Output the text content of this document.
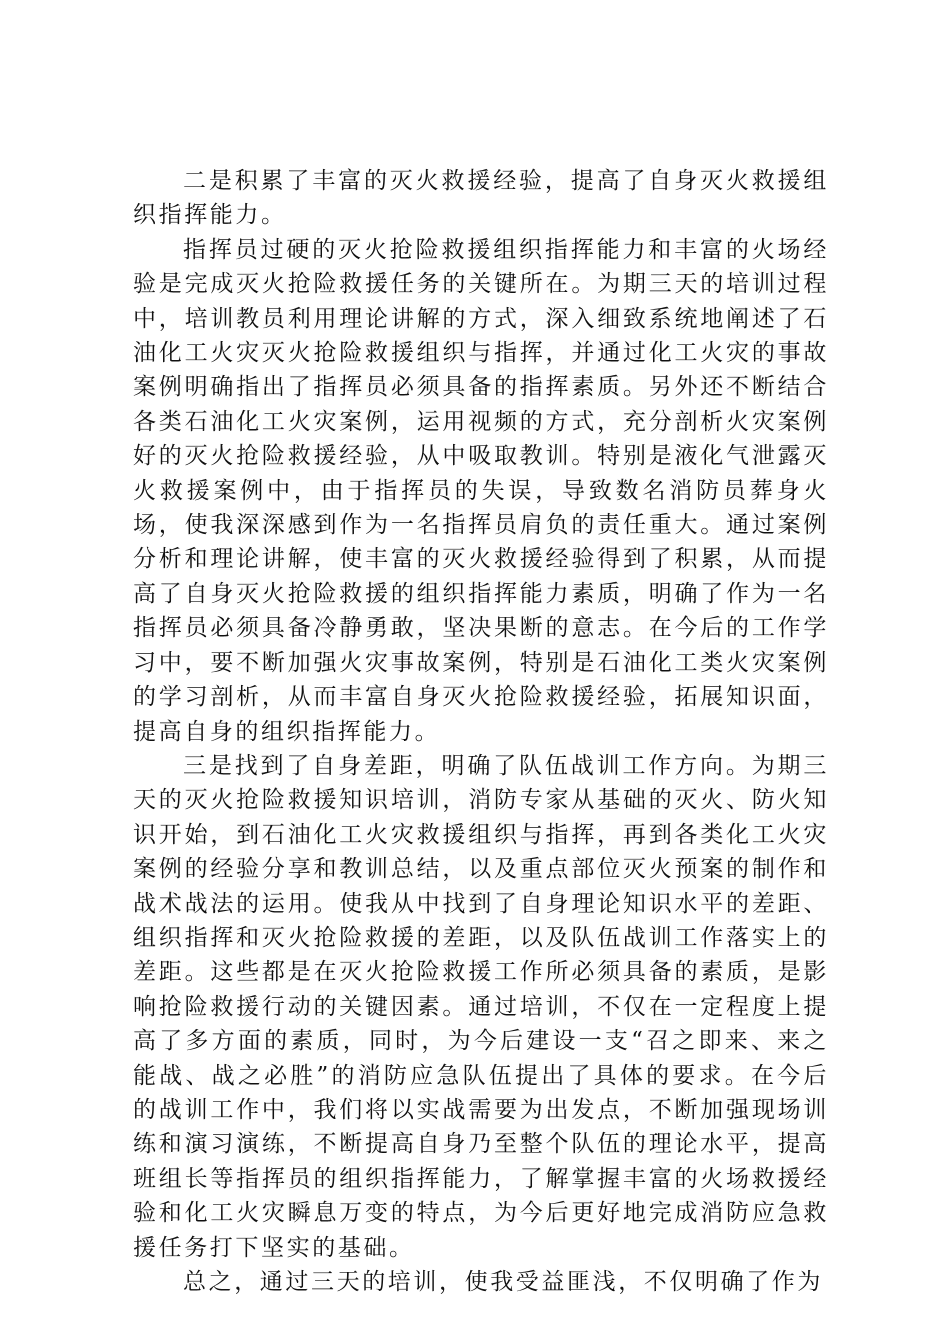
二是积累了丰富的灭火救援经验，提高了自身灭火救援组织指挥能力。

指挥员过硬的灭火抢险救援组织指挥能力和丰富的火场经验是完成灭火抢险救援任务的关键所在。为期三天的培训过程中，培训教员利用理论讲解的方式，深入细致系统地阐述了石油化工火灾灭火抢险救援组织与指挥，并通过化工火灾的事故案例明确指出了指挥员必须具备的指挥素质。另外还不断结合各类石油化工火灾案例，运用视频的方式，充分剖析火灾案例好的灭火抢险救援经验，从中吸取教训。特别是液化气泄露灭火救援案例中，由于指挥员的失误，导致数名消防员葬身火场，使我深深感到作为一名指挥员肩负的责任重大。通过案例分析和理论讲解，使丰富的灭火救援经验得到了积累，从而提高了自身灭火抢险救援的组织指挥能力素质，明确了作为一名指挥员必须具备冷静勇敢，坚决果断的意志。在今后的工作学习中，要不断加强火灾事故案例，特别是石油化工类火灾案例的学习剖析，从而丰富自身灭火抢险救援经验，拓展知识面，提高自身的组织指挥能力。

三是找到了自身差距，明确了队伍战训工作方向。为期三天的灭火抢险救援知识培训，消防专家从基础的灭火、防火知识开始，到石油化工火灾救援组织与指挥，再到各类化工火灾案例的经验分享和教训总结，以及重点部位灭火预案的制作和战术战法的运用。使我从中找到了自身理论知识水平的差距、组织指挥和灭火抢险救援的差距，以及队伍战训工作落实上的差距。这些都是在灭火抢险救援工作所必须具备的素质，是影响抢险救援行动的关键因素。通过培训，不仅在一定程度上提高了多方面的素质，同时，为今后建设一支“召之即来、来之能战、战之必胜”的消防应急队伍提出了具体的要求。在今后的战训工作中，我们将以实战需要为出发点，不断加强现场训练和演习演练，不断提高自身乃至整个队伍的理论水平，提高班组长等指挥员的组织指挥能力，了解掌握丰富的火场救援经验和化工火灾瞬息万变的特点，为今后更好地完成消防应急救援任务打下坚实的基础。

总之，通过三天的培训，使我受益匪浅，不仅明确了作为
